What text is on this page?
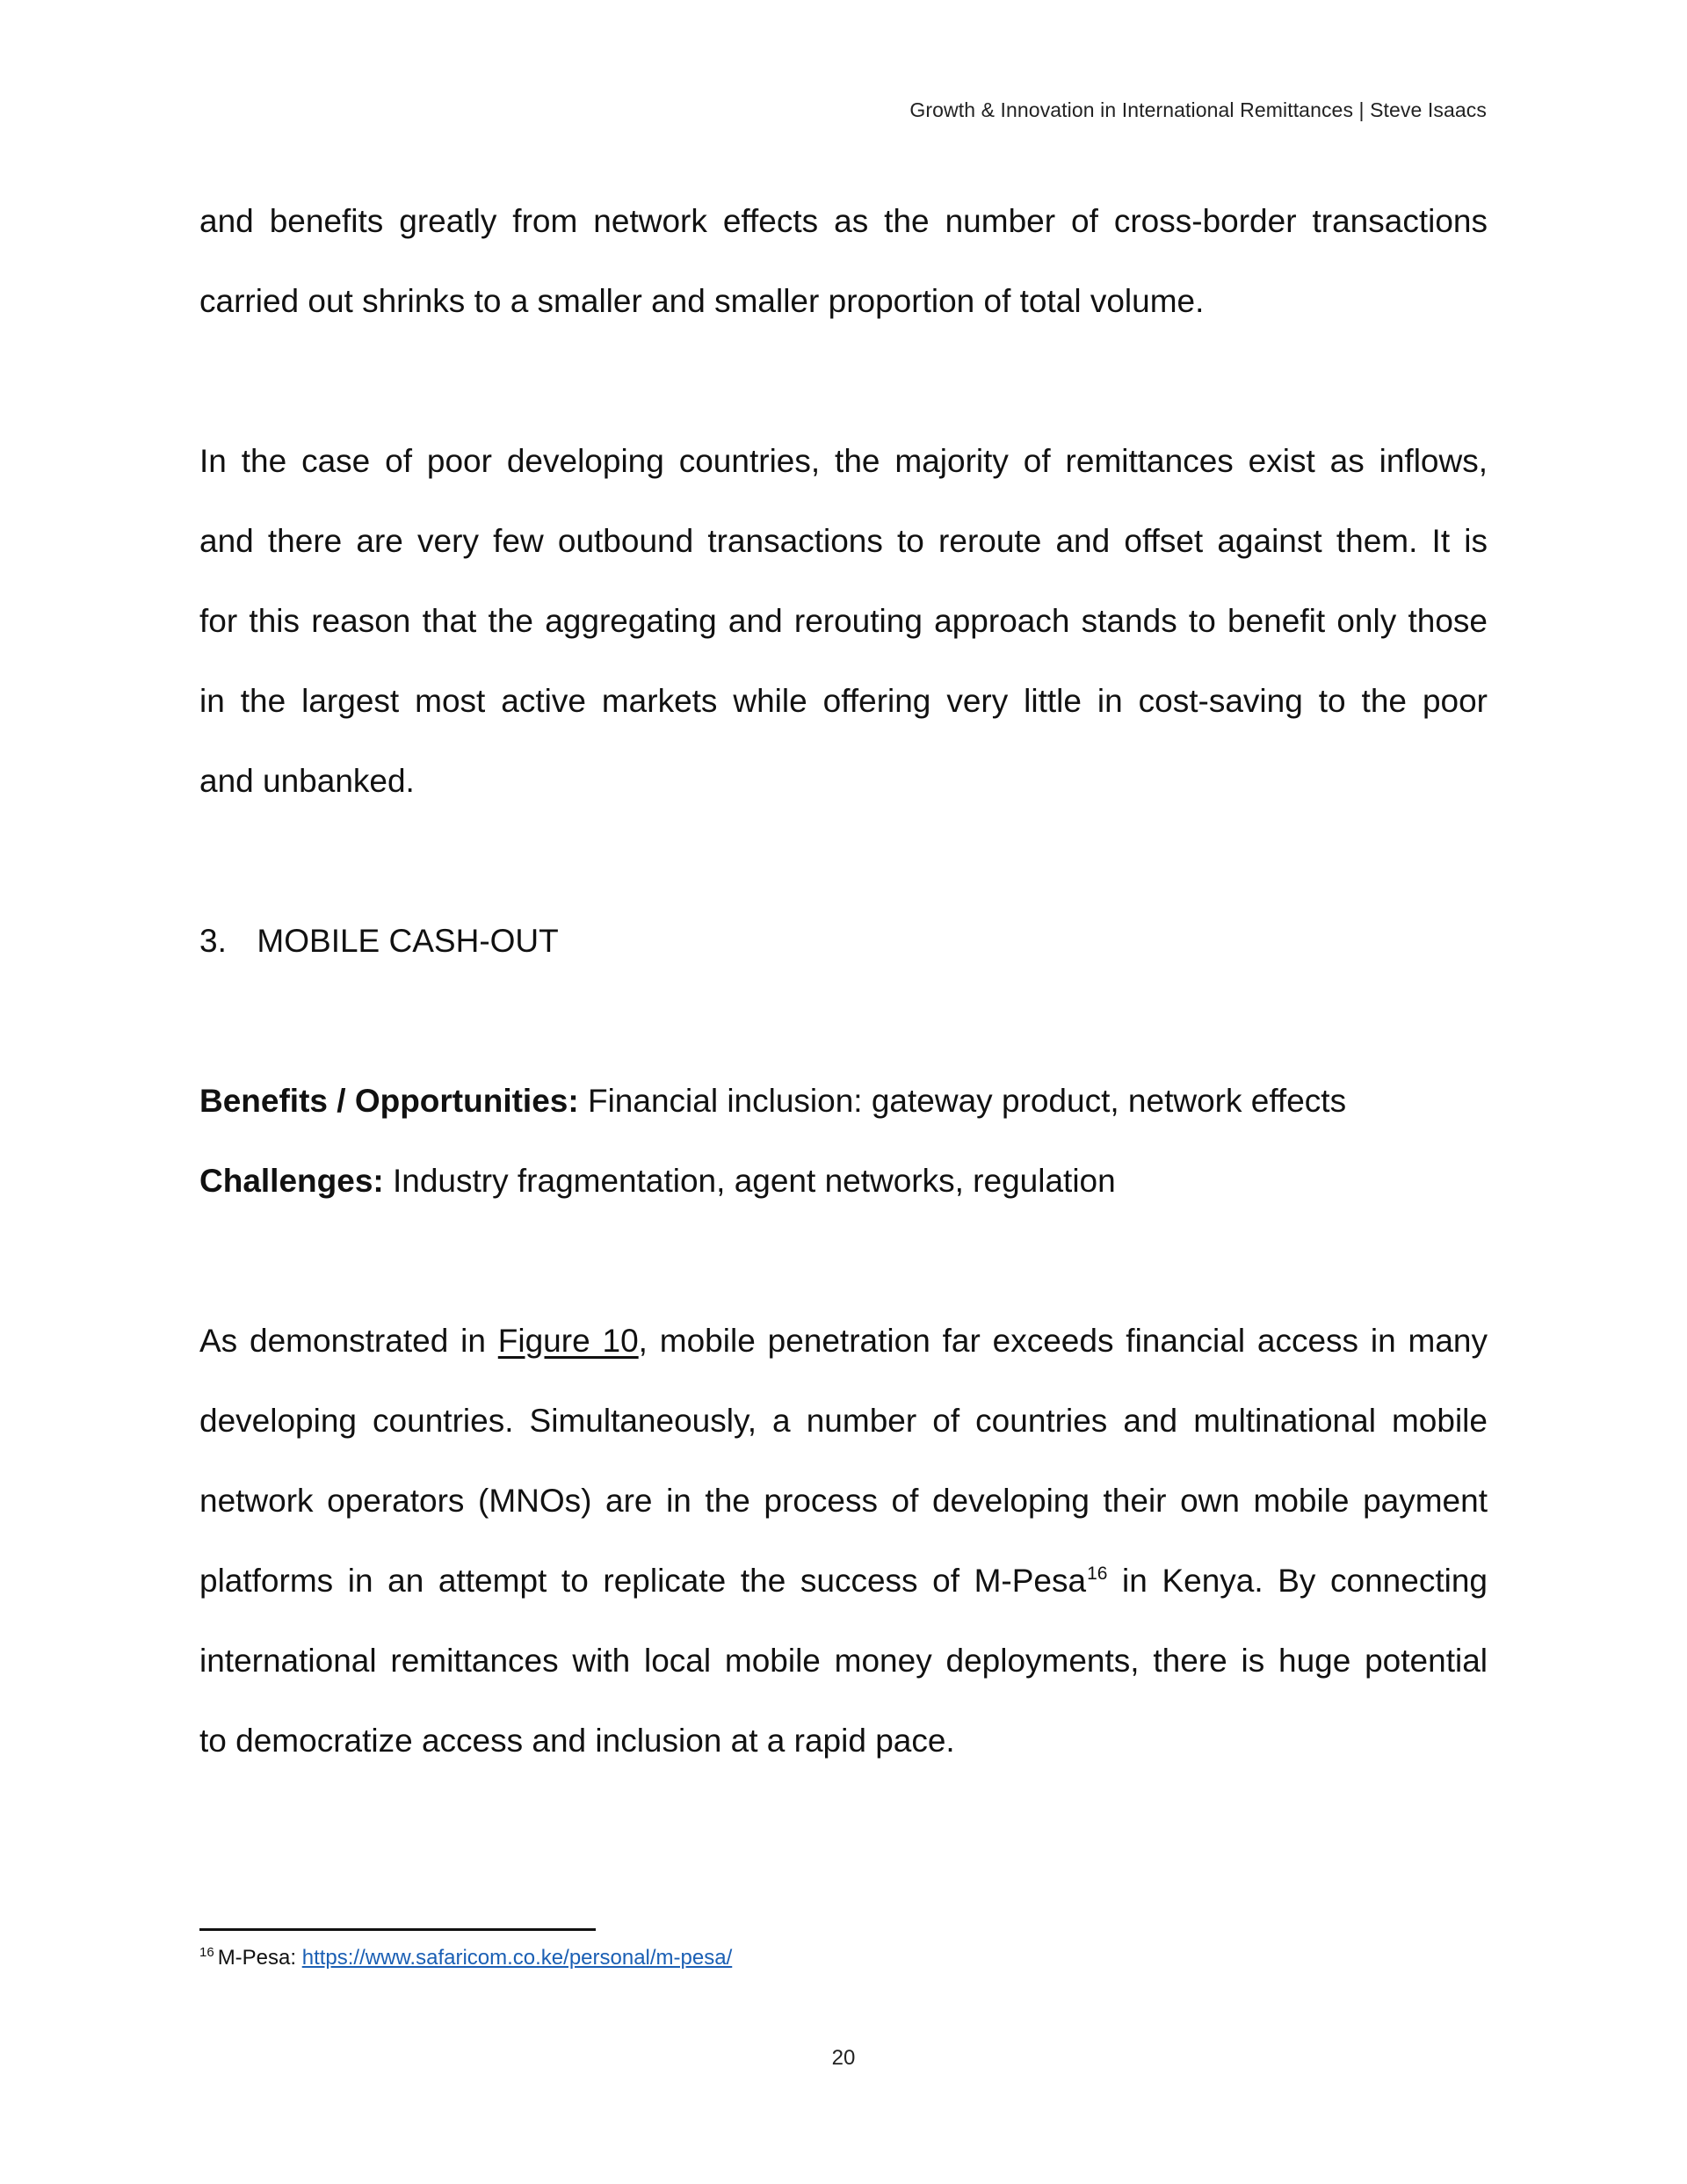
Growth & Innovation in International Remittances | Steve Isaacs
and benefits greatly from network effects as the number of cross-border transactions
carried out shrinks to a smaller and smaller proportion of total volume.
In the case of poor developing countries, the majority of remittances exist as inflows,
and there are very few outbound transactions to reroute and offset against them. It is
for this reason that the aggregating and rerouting approach stands to benefit only those
in the largest most active markets while offering very little in cost-saving to the poor
and unbanked.
3. MOBILE CASH-OUT
Benefits / Opportunities: Financial inclusion: gateway product, network effects
Challenges: Industry fragmentation, agent networks, regulation
As demonstrated in Figure 10, mobile penetration far exceeds financial access in many
developing countries. Simultaneously, a number of countries and multinational mobile
network operators (MNOs) are in the process of developing their own mobile payment
platforms in an attempt to replicate the success of M-Pesa$^{16}$ in Kenya. By connecting
international remittances with local mobile money deployments, there is huge potential
to democratize access and inclusion at a rapid pace.
$^{16}$ M-Pesa: https://www.safaricom.co.ke/personal/m-pesa/
20
